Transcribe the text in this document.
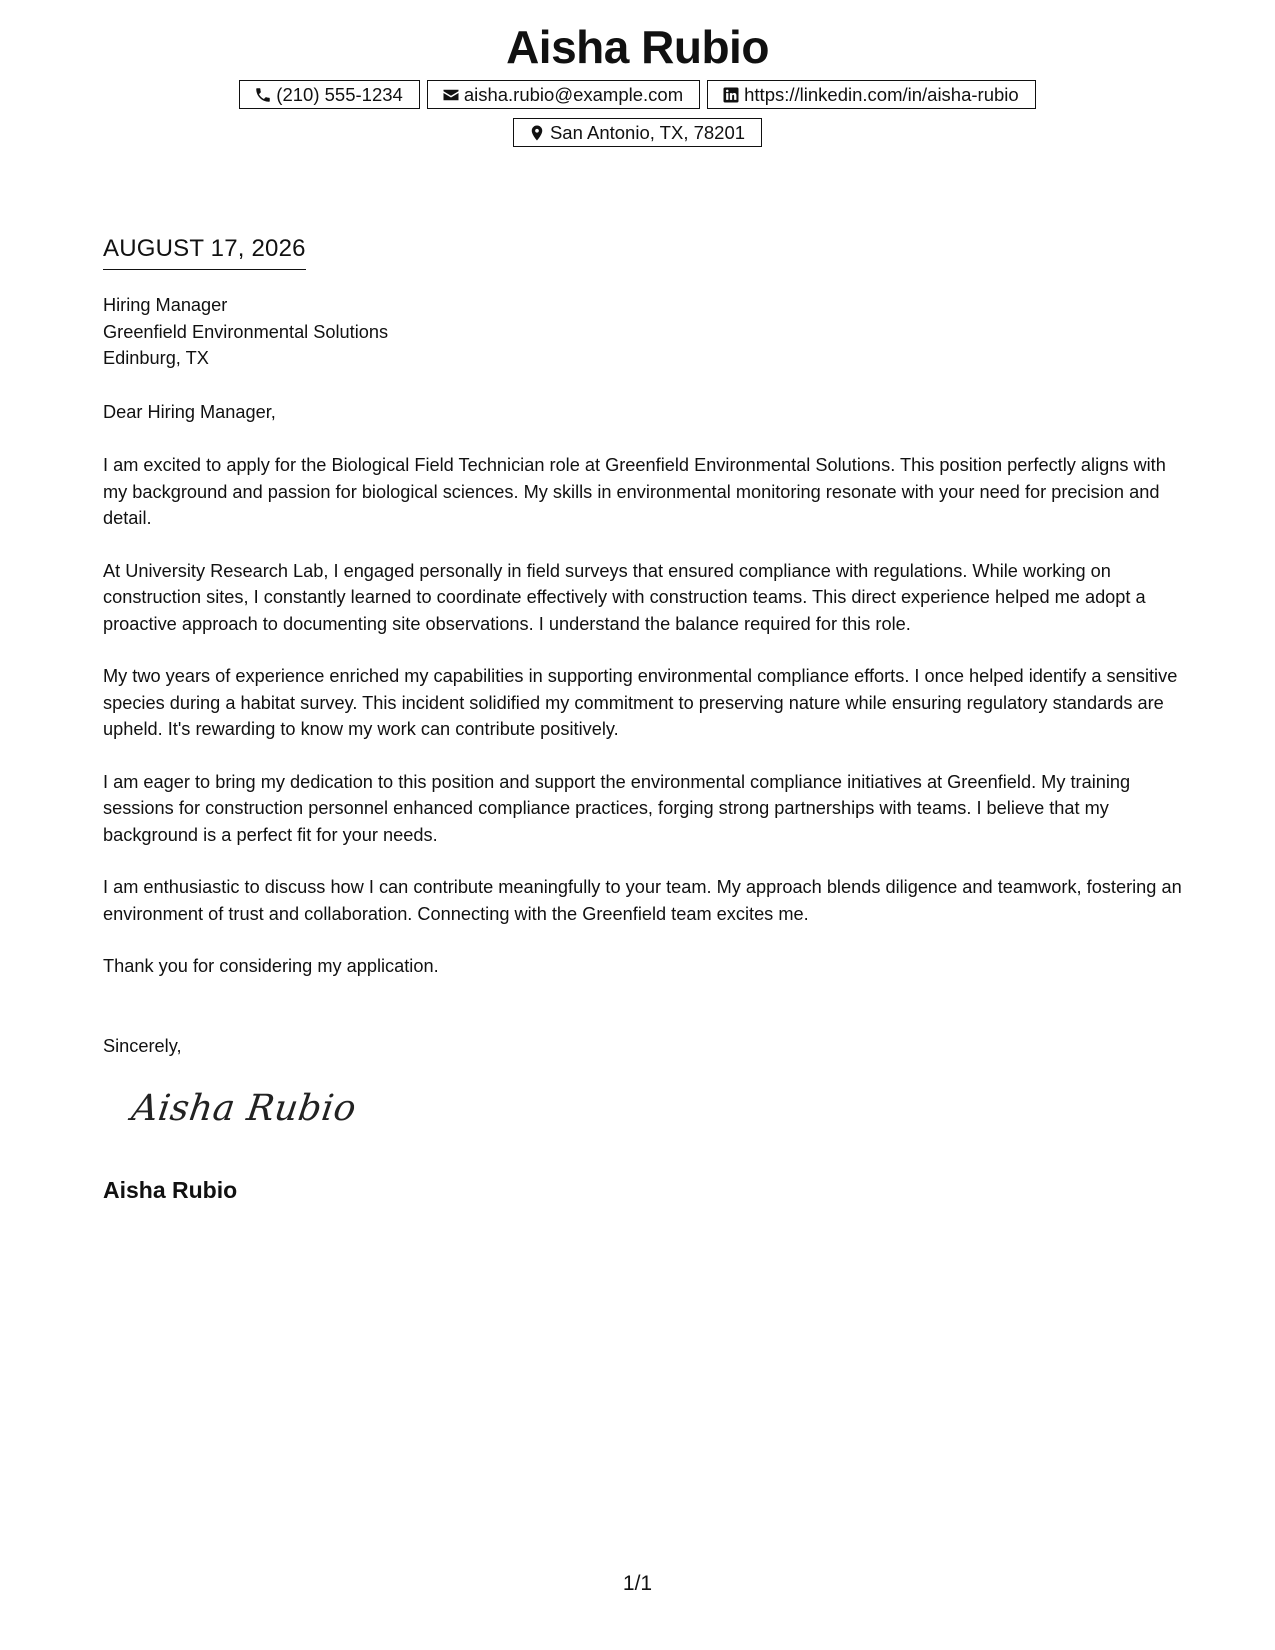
Aisha Rubio
(210) 555-1234	aisha.rubio@example.com	https://linkedin.com/in/aisha-rubio
San Antonio, TX, 78201
AUGUST 17, 2026
Hiring Manager
Greenfield Environmental Solutions
Edinburg, TX
Dear Hiring Manager,

I am excited to apply for the Biological Field Technician role at Greenfield Environmental Solutions. This position perfectly aligns with my background and passion for biological sciences. My skills in environmental monitoring resonate with your need for precision and detail.

At University Research Lab, I engaged personally in field surveys that ensured compliance with regulations. While working on construction sites, I constantly learned to coordinate effectively with construction teams. This direct experience helped me adopt a proactive approach to documenting site observations. I understand the balance required for this role.

My two years of experience enriched my capabilities in supporting environmental compliance efforts. I once helped identify a sensitive species during a habitat survey. This incident solidified my commitment to preserving nature while ensuring regulatory standards are upheld. It's rewarding to know my work can contribute positively.

I am eager to bring my dedication to this position and support the environmental compliance initiatives at Greenfield. My training sessions for construction personnel enhanced compliance practices, forging strong partnerships with teams. I believe that my background is a perfect fit for your needs.

I am enthusiastic to discuss how I can contribute meaningfully to your team. My approach blends diligence and teamwork, fostering an environment of trust and collaboration. Connecting with the Greenfield team excites me.

Thank you for considering my application.

Sincerely,
Aisha Rubio
Aisha Rubio
1/1
